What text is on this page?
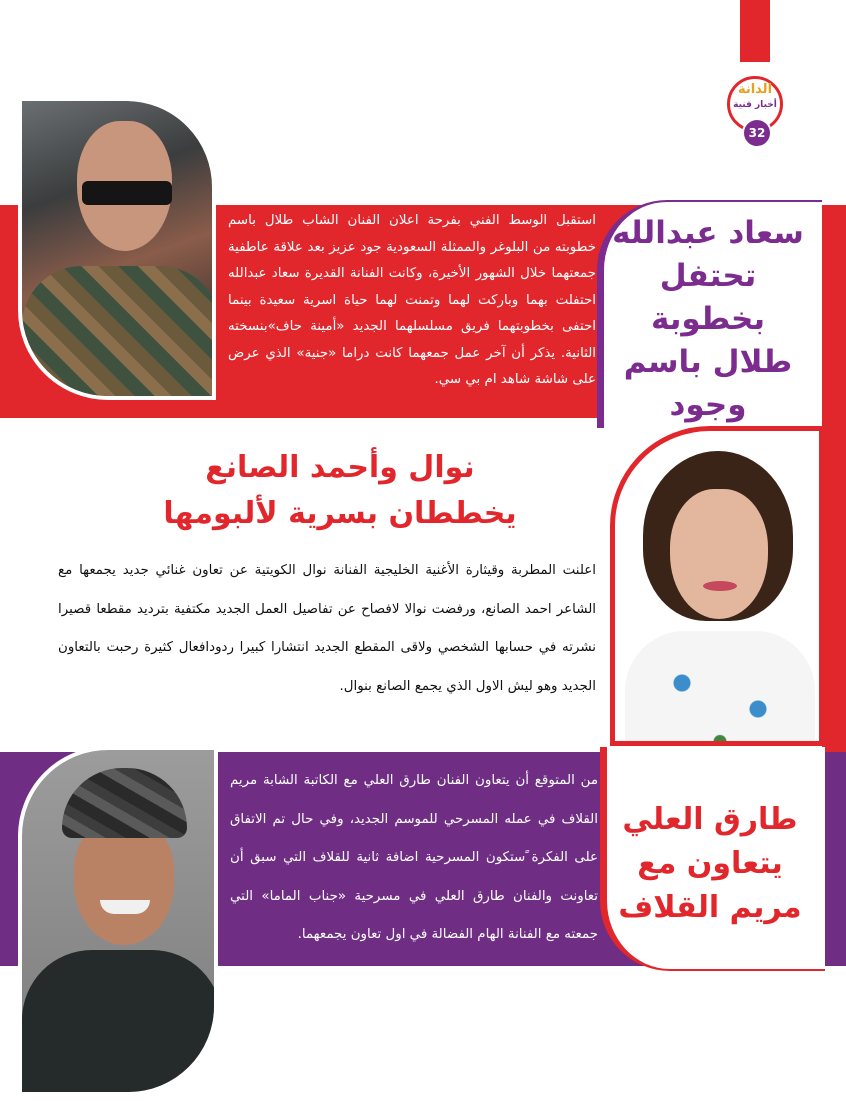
الدانة
أخبار فنية
32
سعاد عبدالله تحتفل بخطوبة طلال باسم وجود
استقبل الوسط الفني بفرحة اعلان الفنان الشاب طلال باسم خطوبته من البلوغر والممثلة السعودية جود عزيز بعد علاقة عاطفية جمعتهما خلال الشهور الأخيرة، وكانت الفنانة القديرة سعاد عبدالله احتفلت بهما وباركت لهما وتمنت لهما حياة اسرية سعيدة بينما احتفى بخطوبتهما فريق مسلسلهما الجديد «أمينة حاف»بنسخته الثانية. يذكر أن آخر عمل جمعهما كانت دراما «جنية» الذي عرض على شاشة شاهد ام بي سي.
نوال وأحمد الصانع
يخططان بسرية لألبومها
اعلنت المطربة وقيثارة الأغنية الخليجية الفنانة نوال الكويتية عن تعاون غنائي جديد يجمعها مع الشاعر احمد الصانع، ورفضت نوالا لافصاح عن تفاصيل العمل الجديد مكتفية بترديد مقطعا قصيرا نشرته في حسابها الشخصي ولاقى المقطع الجديد انتشارا كبيرا ردودافعال كثيرة رحبت بالتعاون الجديد وهو ليش الاول الذي يجمع الصانع بنوال.
طارق العلي يتعاون مع مريم القلاف
من المتوقع أن يتعاون الفنان طارق العلي مع الكاتبة الشابة مريم القلاف في عمله المسرحي للموسم الجديد، وفي حال تم الاتفاق على الفكرة ًستكون المسرحية اضافة ثانية للقلاف التي سبق أن تعاونت والفنان طارق العلي في مسرحية «جناب الماما» التي جمعته مع الفنانة الهام الفضالة في اول تعاون يجمعهما.
